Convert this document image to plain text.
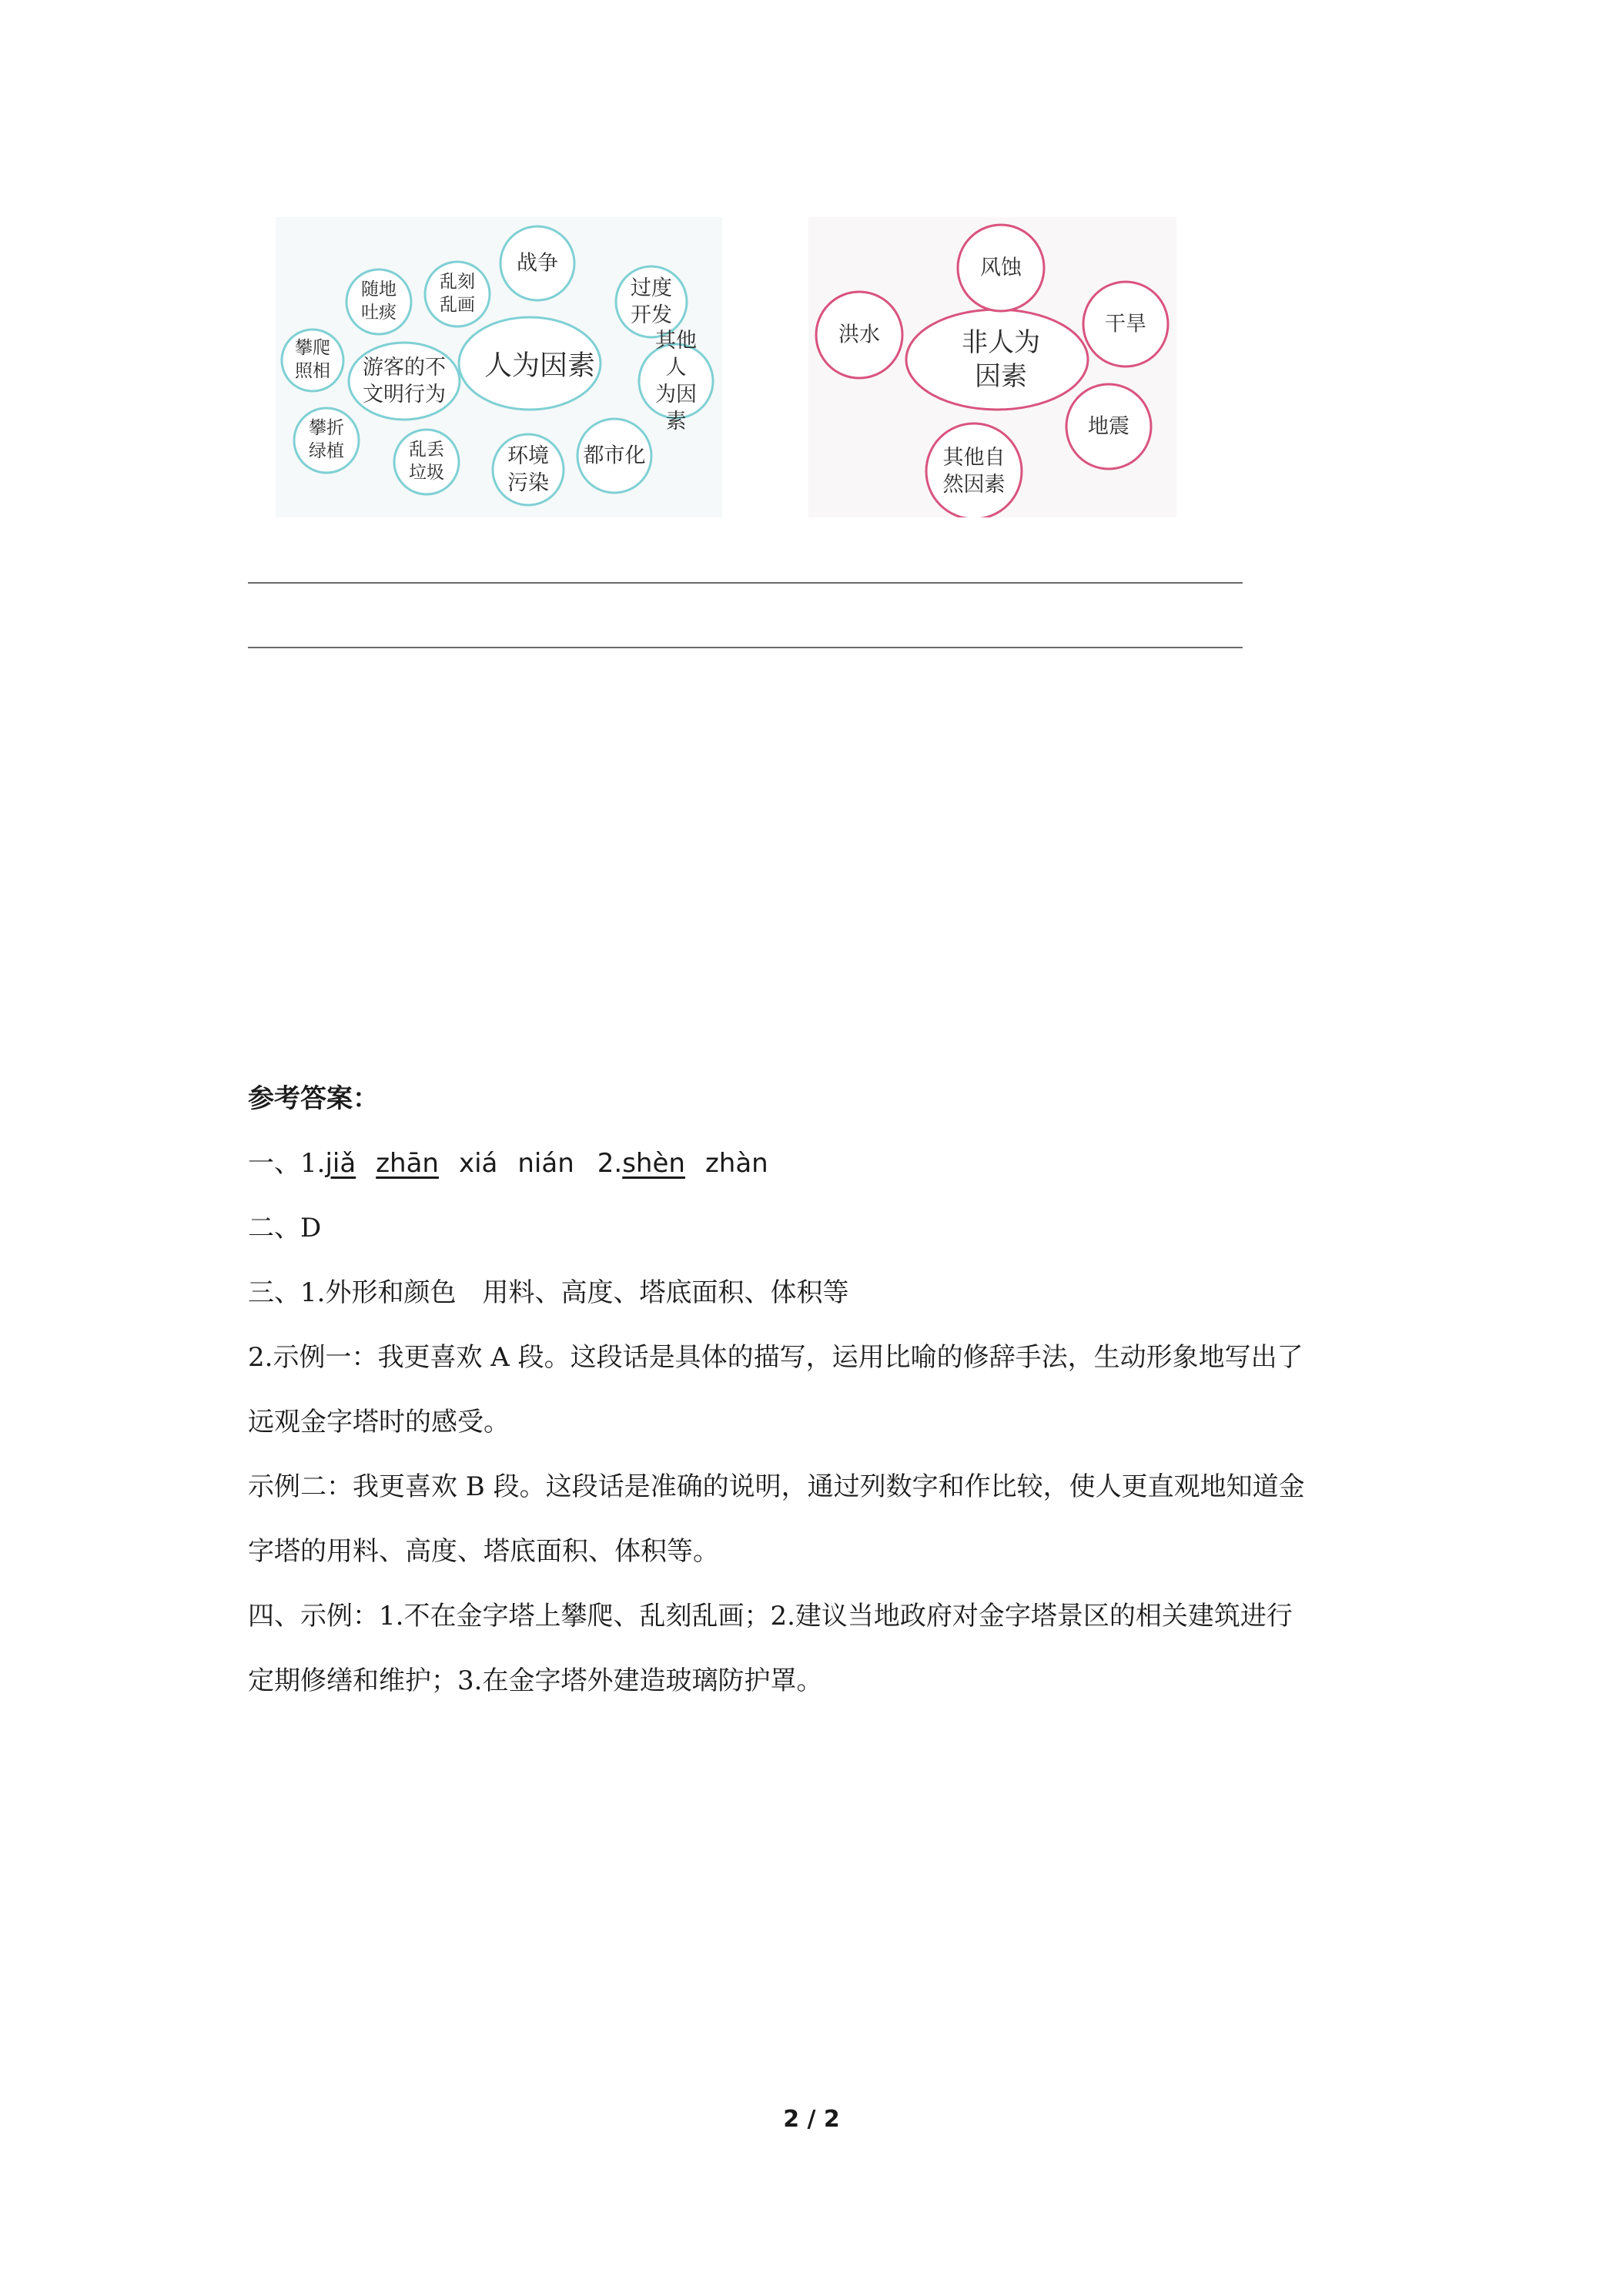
人为因素
战争
过度
开发
其他人
为因素
都市化
环境
污染
乱丢
垃圾
攀折
绿植
攀爬
照相
随地
吐痰
乱刻
乱画
游客的不
文明行为
非人为
因素
风蚀
干旱
地震
其他自
然因素
洪水

参考答案：

一、1.jiǎ zhān xiá nián 2.shèn zhàn

二、D

三、1.外形和颜色　用料、高度、塔底面积、体积等

2.示例一：我更喜欢 A 段。这段话是具体的描写，运用比喻的修辞手法，生动形象地写出了

远观金字塔时的感受。

示例二：我更喜欢 B 段。这段话是准确的说明，通过列数字和作比较，使人更直观地知道金

字塔的用料、高度、塔底面积、体积等。

四、示例：1.不在金字塔上攀爬、乱刻乱画；2.建议当地政府对金字塔景区的相关建筑进行

定期修缮和维护；3.在金字塔外建造玻璃防护罩。

2 / 2
